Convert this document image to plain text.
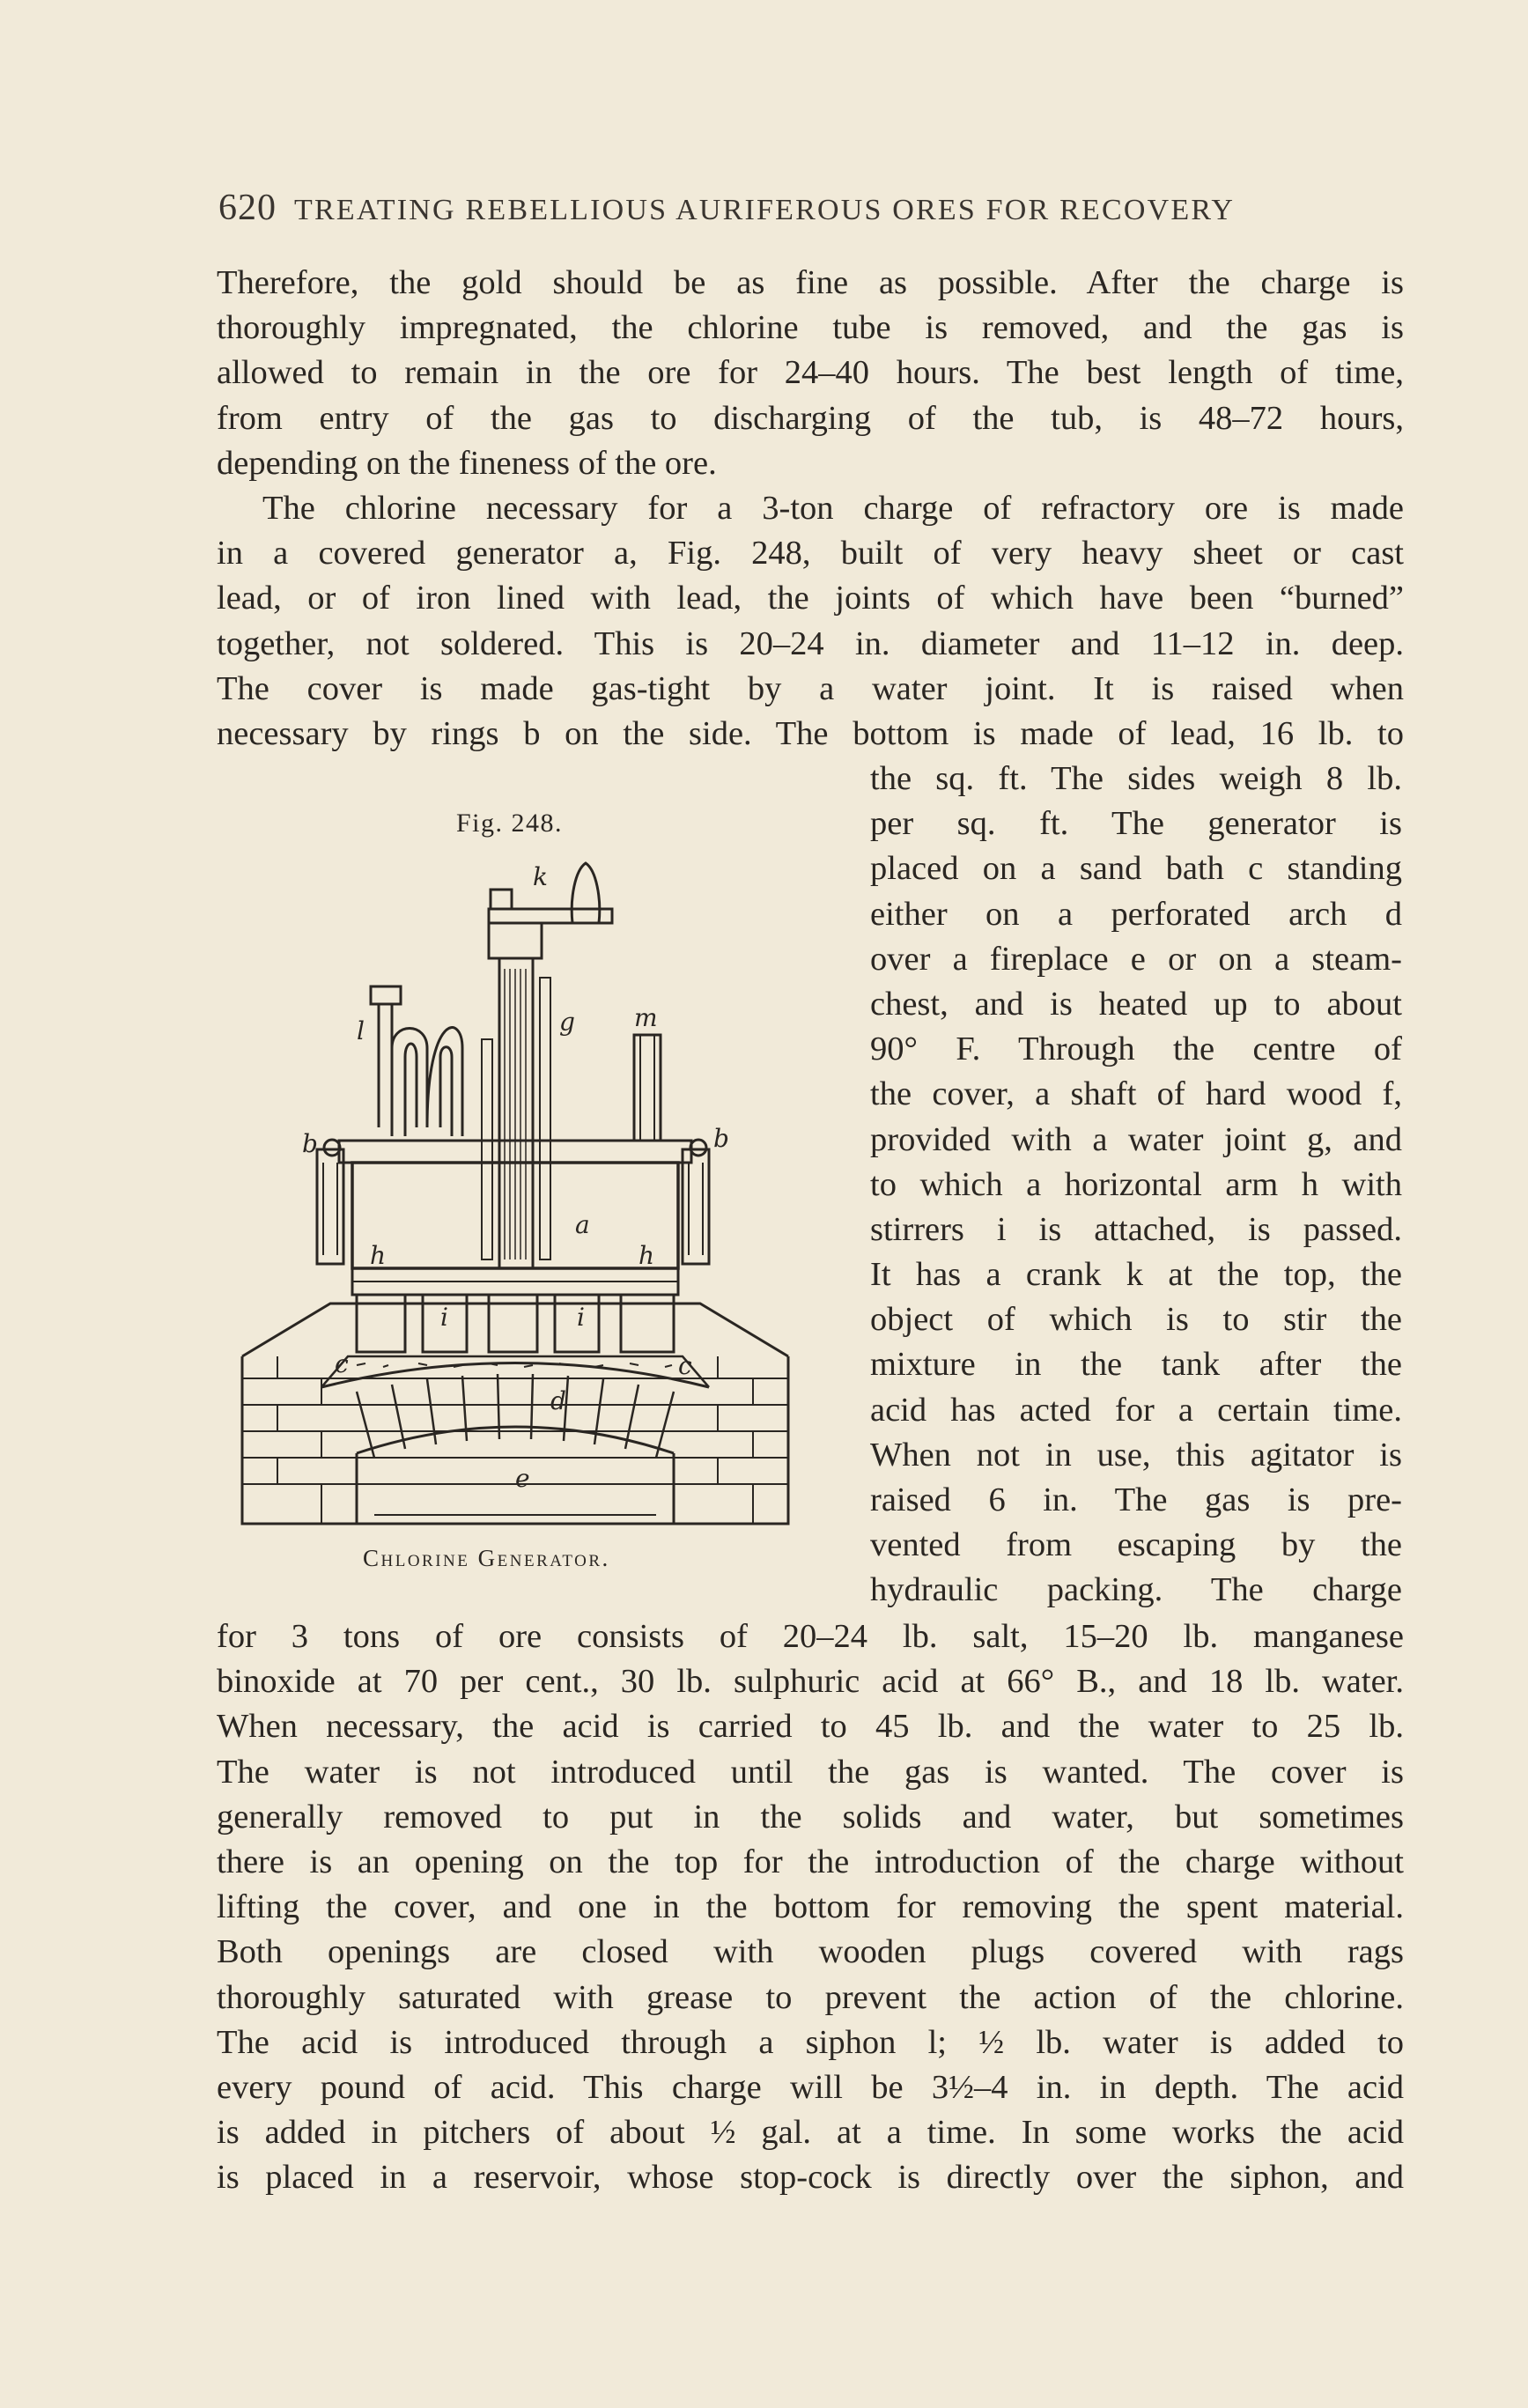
620 TREATING REBELLIOUS AURIFEROUS ORES FOR RECOVERY
Therefore, the gold should be as fine as possible. After the charge is
thoroughly impregnated, the chlorine tube is removed, and the gas is
allowed to remain in the ore for 24–40 hours. The best length of time,
from entry of the gas to discharging of the tub, is 48–72 hours,
depending on the fineness of the ore.
The chlorine necessary for a 3-ton charge of refractory ore is made
in a covered generator a, Fig. 248, built of very heavy sheet or cast
lead, or of iron lined with lead, the joints of which have been “burned”
together, not soldered. This is 20–24 in. diameter and 11–12 in. deep.
The cover is made gas-tight by a water joint. It is raised when
necessary by rings b on the side. The bottom is made of lead, 16 lb. to
the sq. ft. The sides weigh 8 lb.
per sq. ft. The generator is
placed on a sand bath c standing
either on a perforated arch d
over a fireplace e or on a steam-
chest, and is heated up to about
90° F. Through the centre of
the cover, a shaft of hard wood f,
provided with a water joint g, and
to which a horizontal arm h with
stirrers i is attached, is passed.
It has a crank k at the top, the
object of which is to stir the
mixture in the tank after the
acid has acted for a certain time.
When not in use, this agitator is
raised 6 in. The gas is pre-
vented from escaping by the
hydraulic packing. The charge
Fig. 248.
k
l	g m
b	b
a
h	h
i	i
c	c
d
e
Chlorine Generator.
for 3 tons of ore consists of 20–24 lb. salt, 15–20 lb. manganese
binoxide at 70 per cent., 30 lb. sulphuric acid at 66° B., and 18 lb. water.
When necessary, the acid is carried to 45 lb. and the water to 25 lb.
The water is not introduced until the gas is wanted. The cover is
generally removed to put in the solids and water, but sometimes
there is an opening on the top for the introduction of the charge without
lifting the cover, and one in the bottom for removing the spent material.
Both openings are closed with wooden plugs covered with rags
thoroughly saturated with grease to prevent the action of the chlorine.
The acid is introduced through a siphon l; ½ lb. water is added to
every pound of acid. This charge will be 3½–4 in. in depth. The acid
is added in pitchers of about ½ gal. at a time. In some works the acid
is placed in a reservoir, whose stop-cock is directly over the siphon, and
